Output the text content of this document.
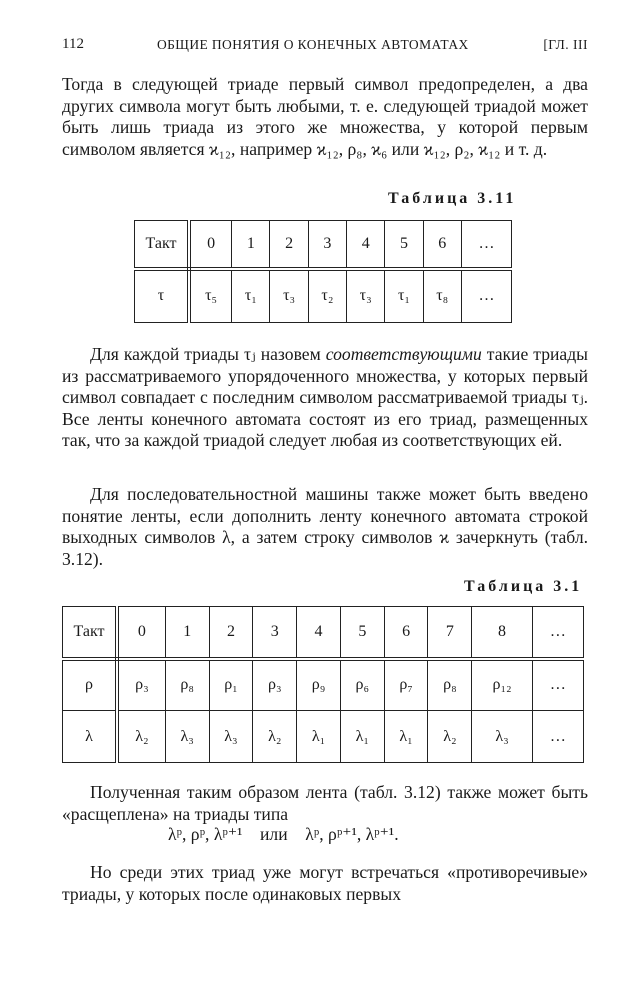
112	ОБЩИЕ ПОНЯТИЯ О КОНЕЧНЫХ АВТОМАТАХ	[ГЛ. III

Тогда в следующей триаде первый символ предопределен, а два других символа могут быть любыми, т. е. следующей триадой может быть лишь триада из этого же множества, у которой первым символом является ϰ₁₂, например ϰ₁₂, ρ₈, ϰ₆ или ϰ₁₂, ρ₂, ϰ₁₂ и т. д.

Таблица 3.11
Такт	0	1	2	3	4	5	6	…
τ	τ₅	τ₁	τ₃	τ₂	τ₃	τ₁	τ₈	…

Для каждой триады τⱼ назовем соответствующими такие триады из рассматриваемого упорядоченного множества, у которых первый символ совпадает с последним символом рассматриваемой триады τⱼ. Все ленты конечного автомата состоят из его триад, размещенных так, что за каждой триадой следует любая из соответствующих ей.

Для последовательностной машины также может быть введено понятие ленты, если дополнить ленту конечного автомата строкой выходных символов λ, а затем строку символов ϰ зачеркнуть (табл. 3.12).

Таблица 3.1
Такт	0	1	2	3	4	5	6	7	8	…
ρ	ρ₃	ρ₈	ρ₁	ρ₃	ρ₉	ρ₆	ρ₇	ρ₈	ρ₁₂	…
λ	λ₂	λ₃	λ₃	λ₂	λ₁	λ₁	λ₁	λ₂	λ₃	…

Полученная таким образом лента (табл. 3.12) также может быть «расщеплена» на триады типа

λᵖ, ρᵖ, λᵖ⁺¹ или λᵖ, ρᵖ⁺¹, λᵖ⁺¹.

Но среди этих триад уже могут встречаться «противоречивые» триады, у которых после одинаковых первых
